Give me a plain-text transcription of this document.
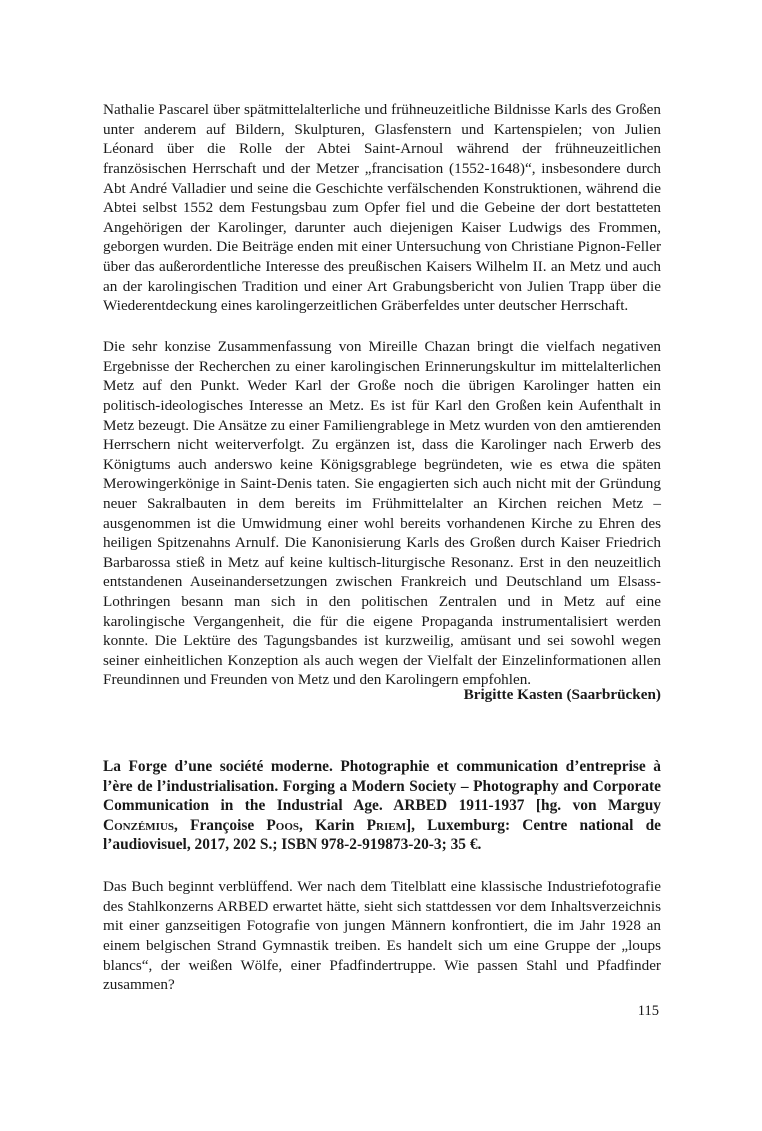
Nathalie Pascarel über spätmittelalterliche und frühneuzeitliche Bildnisse Karls des Großen unter anderem auf Bildern, Skulpturen, Glasfenstern und Kartenspielen; von Julien Léonard über die Rolle der Abtei Saint-Arnoul während der frühneuzeitlichen französischen Herrschaft und der Metzer „francisation (1552-1648)“, insbesondere durch Abt André Valladier und seine die Geschichte verfälschenden Konstruktionen, während die Abtei selbst 1552 dem Festungsbau zum Opfer fiel und die Gebeine der dort bestatteten Angehörigen der Karolinger, darunter auch diejenigen Kaiser Ludwigs des Frommen, geborgen wurden. Die Beiträge enden mit einer Untersuchung von Christiane Pignon-Feller über das außerordentliche Interesse des preußischen Kaisers Wilhelm II. an Metz und auch an der karolingischen Tradition und einer Art Grabungsbericht von Julien Trapp über die Wiederentdeckung eines karolingerzeitlichen Gräberfeldes unter deutscher Herrschaft.

Die sehr konzise Zusammenfassung von Mireille Chazan bringt die vielfach negativen Ergebnisse der Recherchen zu einer karolingischen Erinnerungskultur im mittelalterlichen Metz auf den Punkt. Weder Karl der Große noch die übrigen Karolinger hatten ein politisch-ideologisches Interesse an Metz. Es ist für Karl den Großen kein Aufenthalt in Metz bezeugt. Die Ansätze zu einer Familiengrablege in Metz wurden von den amtierenden Herrschern nicht weiterverfolgt. Zu ergänzen ist, dass die Karolinger nach Erwerb des Königtums auch anderswo keine Königsgrablege begründeten, wie es etwa die späten Merowingerkönige in Saint-Denis taten. Sie engagierten sich auch nicht mit der Gründung neuer Sakralbauten in dem bereits im Frühmittelalter an Kirchen reichen Metz – ausgenommen ist die Umwidmung einer wohl bereits vorhandenen Kirche zu Ehren des heiligen Spitzenahns Arnulf. Die Kanonisierung Karls des Großen durch Kaiser Friedrich Barbarossa stieß in Metz auf keine kultisch-liturgische Resonanz. Erst in den neuzeitlich entstandenen Auseinandersetzungen zwischen Frankreich und Deutschland um Elsass-Lothringen besann man sich in den politischen Zentralen und in Metz auf eine karolingische Vergangenheit, die für die eigene Propaganda instrumentalisiert werden konnte. Die Lektüre des Tagungsbandes ist kurzweilig, amüsant und sei sowohl wegen seiner einheitlichen Konzeption als auch wegen der Vielfalt der Einzelinformationen allen Freundinnen und Freunden von Metz und den Karolingern empfohlen.

Brigitte Kasten (Saarbrücken)
La Forge d’une société moderne. Photographie et communication d’entreprise à l’ère de l’industrialisation. Forging a Modern Society – Photography and Corporate Communication in the Industrial Age. ARBED 1911-1937 [hg. von Marguy Conzémius, Françoise Poos, Karin Priem], Luxemburg: Centre national de l’audiovisuel, 2017, 202 S.; ISBN 978-2-919873-20-3; 35 €.

Das Buch beginnt verblüffend. Wer nach dem Titelblatt eine klassische Industriefotografie des Stahlkonzerns ARBED erwartet hätte, sieht sich stattdessen vor dem Inhaltsverzeichnis mit einer ganzseitigen Fotografie von jungen Männern konfrontiert, die im Jahr 1928 an einem belgischen Strand Gymnastik treiben. Es handelt sich um eine Gruppe der „loups blancs“, der weißen Wölfe, einer Pfadfindertruppe. Wie passen Stahl und Pfadfinder zusammen?

115
